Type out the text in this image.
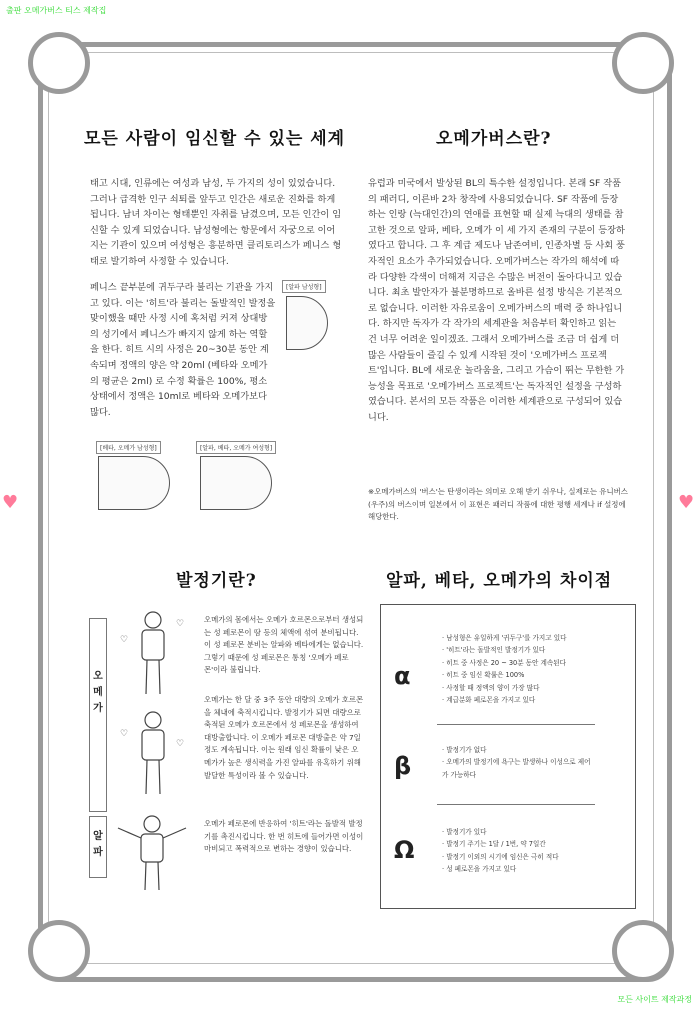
출판 오메가버스 티스 제작집
모든 사이트 제작과정
♥	♥
모든 사람이 임신할 수 있는 세계

태고 시대, 인류에는 여성과 남성, 두 가지의 성이 있었습니다. 그러나 급격한 인구 쇠퇴를 앞두고 인간은 새로운 진화를 하게 됩니다. 남녀 차이는 형태뿐인 자취를 남겼으며, 모든 인간이 임신할 수 있게 되었습니다. 남성형에는 항문에서 자궁으로 이어지는 기관이 있으며 여성형은 흥분하면 클리토리스가 페니스 형태로 발기하여 사정할 수 있습니다.

페니스 끝부분에 귀두구라 불리는 기관을 가지고 있다. 이는 '히트'라 불리는 돌발적인 발정을 맞이했을 때만 사정 시에 혹처럼 커져 상대방의 성기에서 페니스가 빠지지 않게 하는 역할을 한다. 히트 시의 사정은 20~30분 동안 계속되며 정액의 양은 약 20ml (베타와 오메가의 평균은 2ml) 로 수정 확률은 100%, 평소 상태에서 정액은 10ml로 베타와 오메가보다 많다.

[알파 남성형]
[베타, 오메가 남성형]	[알파, 베타, 오메가 여성형]
오메가버스란?

유럽과 미국에서 발상된 BL의 특수한 설정입니다. 본래 SF 작품의 패러디, 이른바 2차 창작에 사용되었습니다. SF 작품에 등장하는 인랑 (늑대인간)의 연애를 표현할 때 실제 늑대의 생태를 참고한 것으로 알파, 베타, 오메가 이 세 가지 존재의 구분이 등장하였다고 합니다. 그 후 계급 제도나 남존여비, 인종차별 등 사회 풍자적인 요소가 추가되었습니다. 오메가버스는 작가의 해석에 따라 다양한 각색이 더해져 지금은 수많은 버전이 돌아다니고 있습니다. 최초 발안자가 불분명하므로 올바른 설정 방식은 기본적으로 없습니다. 이러한 자유로움이 오메가버스의 매력 중 하나입니다. 하지만 독자가 각 작가의 세계관을 처음부터 확인하고 읽는 건 너무 어려운 일이겠죠. 그래서 오메가버스를 조금 더 쉽게 더 많은 사람들이 즐길 수 있게 시작된 것이 '오메가버스 프로젝트'입니다. BL에 새로운 놀라움을, 그리고 가슴이 뛰는 무한한 가능성을 목표로 '오메가버스 프로젝트'는 독자적인 설정을 구성하였습니다. 본서의 모든 작품은 이러한 세계관으로 구성되어 있습니다.

※오메가버스의 '버스'는 탄생이라는 의미로 오해 받기 쉬우나, 실제로는 유니버스(우주)의 버스이며 일본에서 이 표현은 패러디 작품에 대한 평행 세계나 if 설정에 해당한다.

발정기란?
오
메
가
알
파
♡
♡
♡
♡

오메가의 몸에서는 오메가 호르몬으로부터 생성되는 성 페로몬이 땀 등의 체액에 섞여 분비됩니다. 이 성 페로몬 분비는 알파와 베타에게는 없습니다. 그렇기 때문에 성 페로몬은 통칭 '오메가 페로몬'이라 불립니다.

오메가는 한 달 중 3주 동안 대량의 오메가 호르몬을 체내에 축적시킵니다. 발정기가 되면 대량으로 축적된 오메가 호르몬에서 성 페로몬을 생성하여 대방출합니다. 이 오메가 페로몬 대방출은 약 7일 정도 계속됩니다. 이는 원래 임신 확률이 낮은 오메가가 높은 생식력을 가진 알파를 유혹하기 위해 발달한 특성이라 볼 수 있습니다.

오메가 페로몬에 반응하여 '히트'라는 돌발적 발정기를 촉진시킵니다. 한 번 히트에 들어가면 이성이 마비되고 폭력적으로 변하는 경향이 있습니다.

알파, 베타, 오메가의 차이점
α
· 남성형은 유일하게 '귀두구'를 가지고 있다
· '히트'라는 돌발적인 발정기가 있다
· 히트 중 사정은 20 ~ 30분 동안 계속된다
· 히트 중 임신 확률은 100%
· 사정할 때 정액의 양이 가장 많다
· 계급분화 페로몬을 가지고 있다
β
· 발정기가 없다
· 오메가의 발정기에 욕구는 발생하나 이성으로 제어가 가능하다
Ω
· 발정기가 있다
· 발정기 주기는 1달 / 1번, 약 7일간
· 발정기 이외의 시기에 임신은 극히 적다
· 성 페로몬을 가지고 있다
